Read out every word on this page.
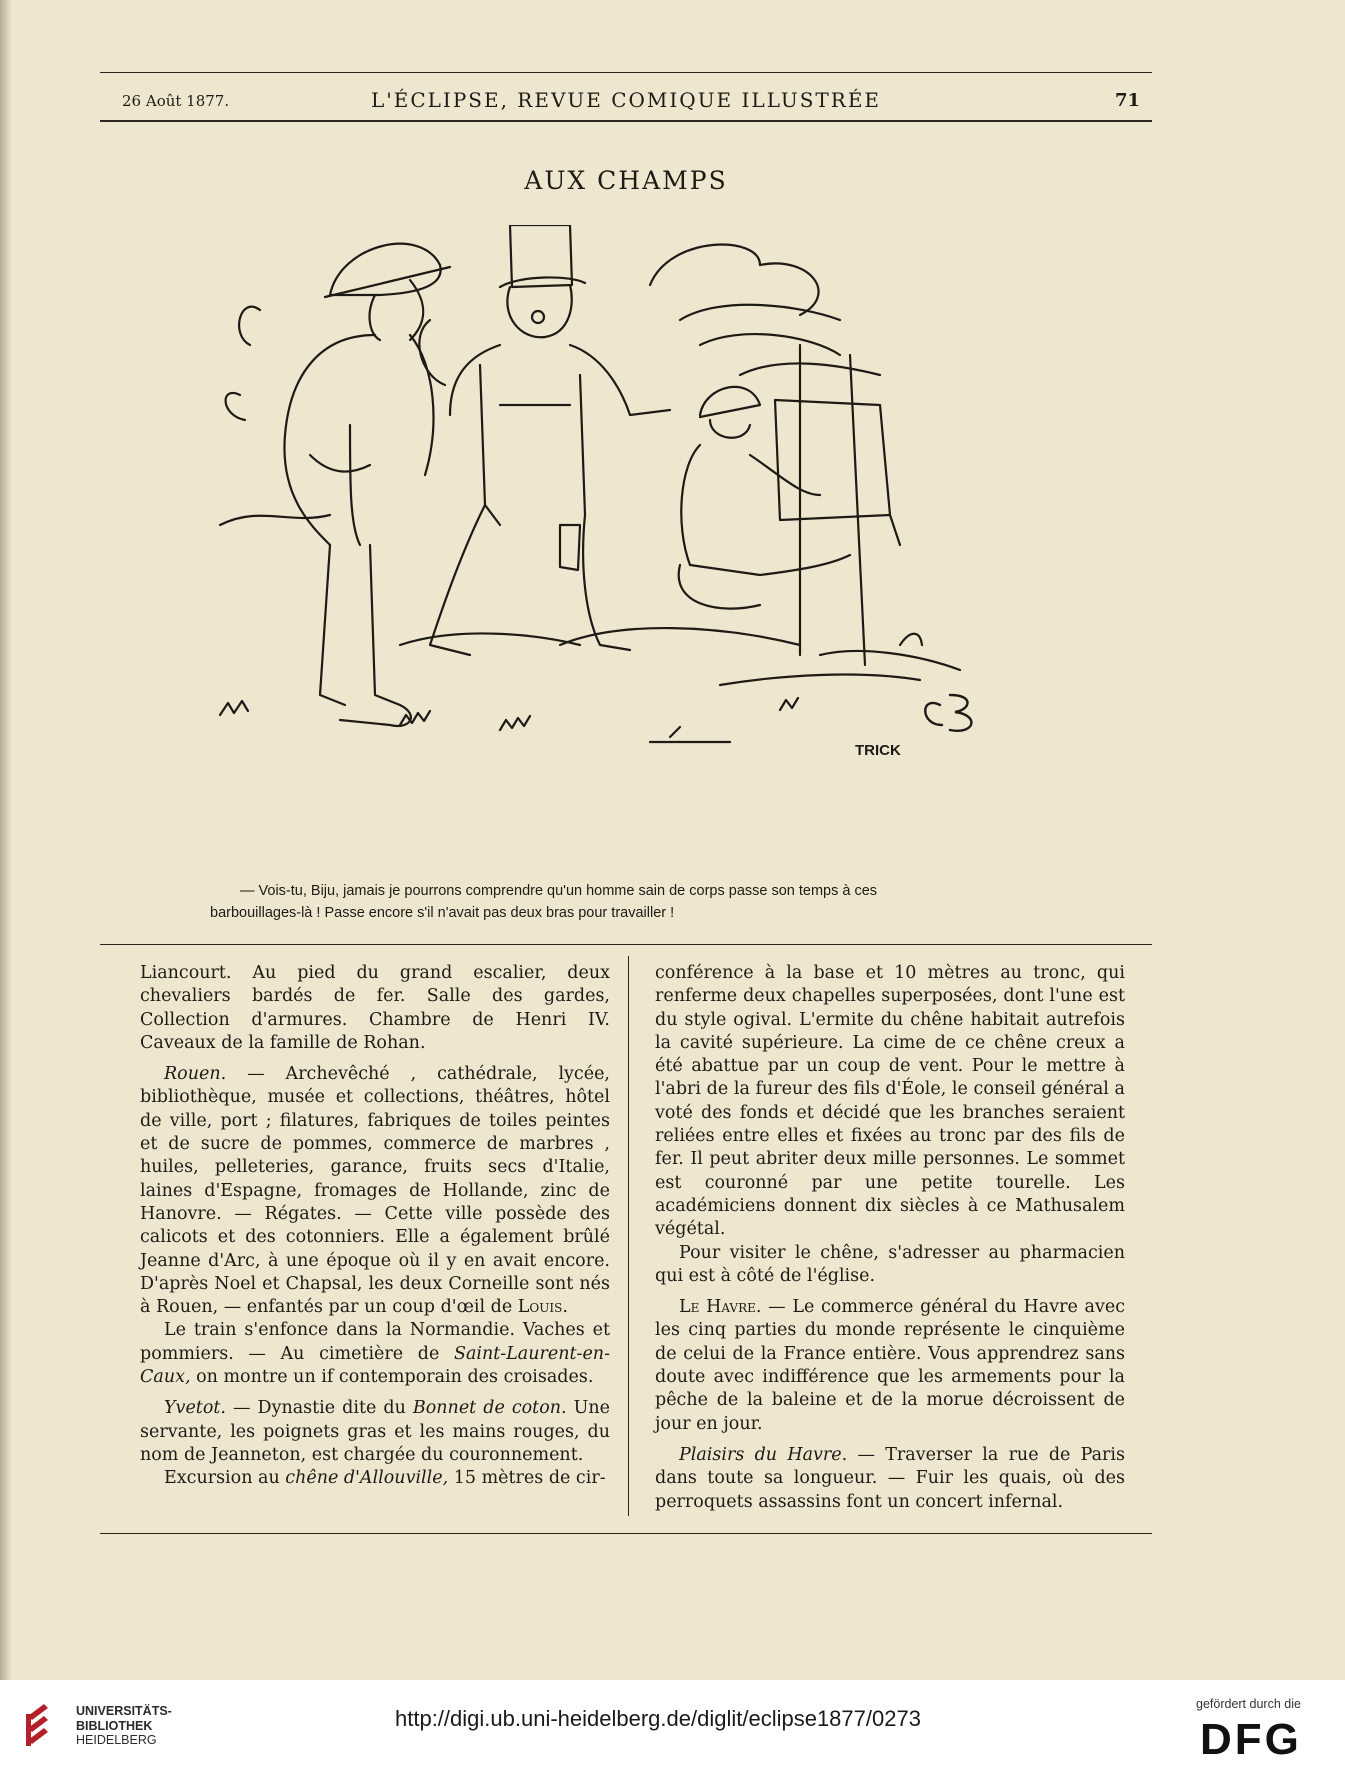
26 Août 1877.	L'ÉCLIPSE, REVUE COMIQUE ILLUSTRÉE	71
AUX CHAMPS
TRICK
— Vois-tu, Biju, jamais je pourrons comprendre qu'un homme sain de corps passe son temps à ces
barbouillages-là ! Passe encore s'il n'avait pas deux bras pour travailler !

Liancourt. Au pied du grand escalier, deux chevaliers bardés de fer. Salle des gardes, Collection d'armures. Chambre de Henri IV. Caveaux de la famille de Rohan.

Rouen. — Archevêché , cathédrale, lycée, bibliothèque, musée et collections, théâtres, hôtel de ville, port ; filatures, fabriques de toiles peintes et de sucre de pommes, commerce de marbres , huiles, pelleteries, garance, fruits secs d'Italie, laines d'Espagne, fromages de Hollande, zinc de Hanovre. — Régates. — Cette ville possède des calicots et des cotonniers. Elle a également brûlé Jeanne d'Arc, à une époque où il y en avait encore. D'après Noel et Chapsal, les deux Corneille sont nés à Rouen, — enfantés par un coup d'œil de Louis.

Le train s'enfonce dans la Normandie. Vaches et pommiers. — Au cimetière de Saint-Laurent-en-Caux, on montre un if contemporain des croisades.

Yvetot. — Dynastie dite du Bonnet de coton. Une servante, les poignets gras et les mains rouges, du nom de Jeanneton, est chargée du couronnement.

Excursion au chêne d'Allouville, 15 mètres de cir-

conférence à la base et 10 mètres au tronc, qui renferme deux chapelles superposées, dont l'une est du style ogival. L'ermite du chêne habitait autrefois la cavité supérieure. La cime de ce chêne creux a été abattue par un coup de vent. Pour le mettre à l'abri de la fureur des fils d'Éole, le conseil général a voté des fonds et décidé que les branches seraient reliées entre elles et fixées au tronc par des fils de fer. Il peut abriter deux mille personnes. Le sommet est couronné par une petite tourelle. Les académiciens donnent dix siècles à ce Mathusalem végétal.

Pour visiter le chêne, s'adresser au pharmacien qui est à côté de l'église.

Le Havre. — Le commerce général du Havre avec les cinq parties du monde représente le cinquième de celui de la France entière. Vous apprendrez sans doute avec indifférence que les armements pour la pêche de la baleine et de la morue décroissent de jour en jour.

Plaisirs du Havre. — Traverser la rue de Paris dans toute sa longueur. — Fuir les quais, où des perroquets assassins font un concert infernal.

UNIVERSITÄTS-
BIBLIOTHEK
HEIDELBERG
http://digi.ub.uni-heidelberg.de/diglit/eclipse1877/0273
gefördert durch die
DFG
